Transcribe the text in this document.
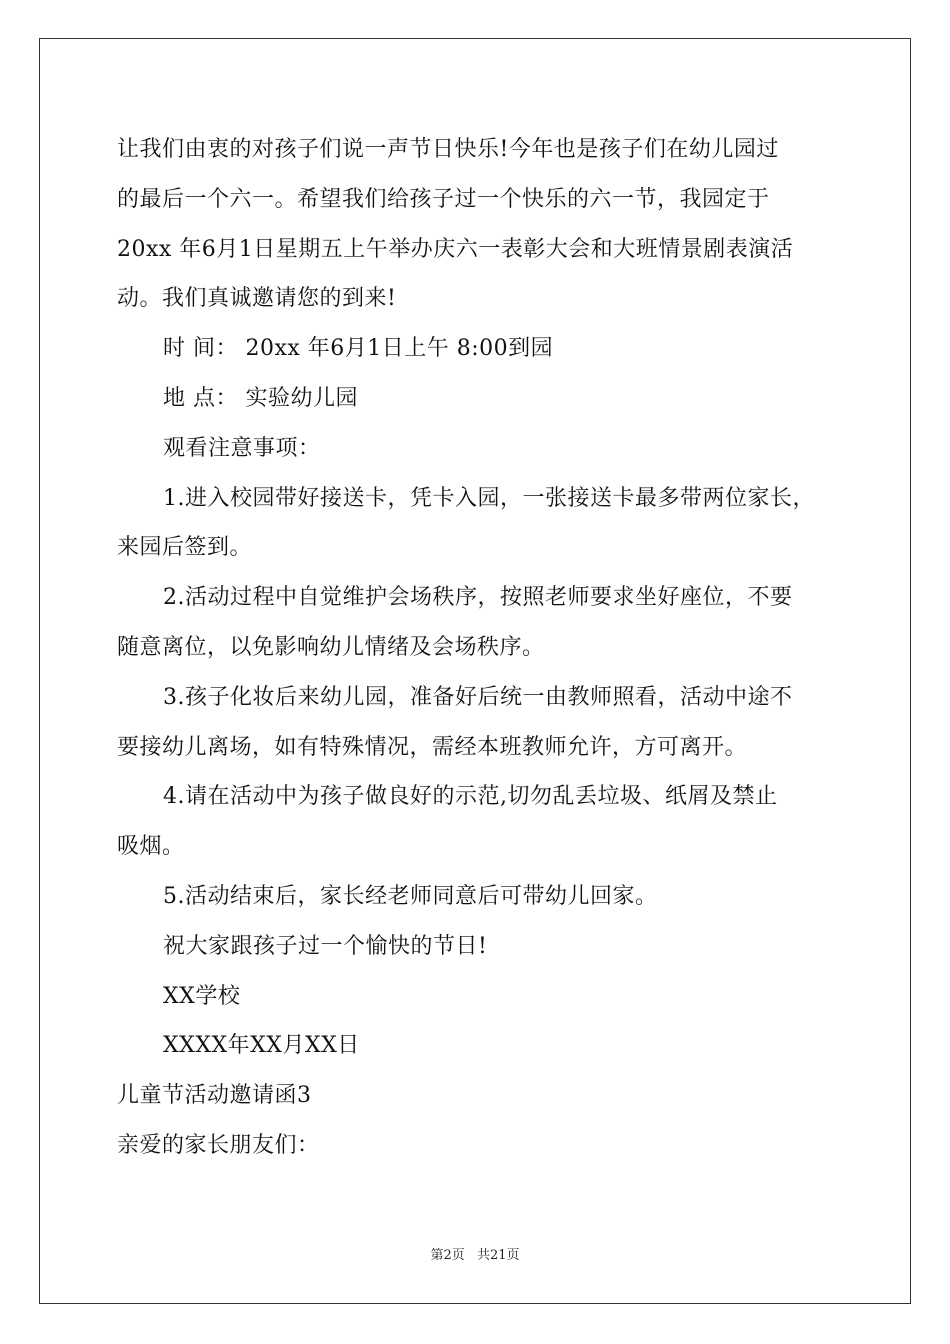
让我们由衷的对孩子们说一声节日快乐!今年也是孩子们在幼儿园过
的最后一个六一。希望我们给孩子过一个快乐的六一节，我园定于
20xx 年6月1日星期五上午举办庆六一表彰大会和大班情景剧表演活
动。我们真诚邀请您的到来!
时 间： 20xx 年6月1日上午 8:00到园
地 点： 实验幼儿园
观看注意事项：
1.进入校园带好接送卡，凭卡入园，一张接送卡最多带两位家长，
来园后签到。
2.活动过程中自觉维护会场秩序，按照老师要求坐好座位，不要
随意离位，以免影响幼儿情绪及会场秩序。
3.孩子化妆后来幼儿园，准备好后统一由教师照看，活动中途不
要接幼儿离场，如有特殊情况，需经本班教师允许，方可离开。
4.请在活动中为孩子做良好的示范,切勿乱丢垃圾、纸屑及禁止
吸烟。
5.活动结束后，家长经老师同意后可带幼儿回家。
祝大家跟孩子过一个愉快的节日!
XX学校
XXXX年XX月XX日
儿童节活动邀请函3
亲爱的家长朋友们：
第2页 共21页
